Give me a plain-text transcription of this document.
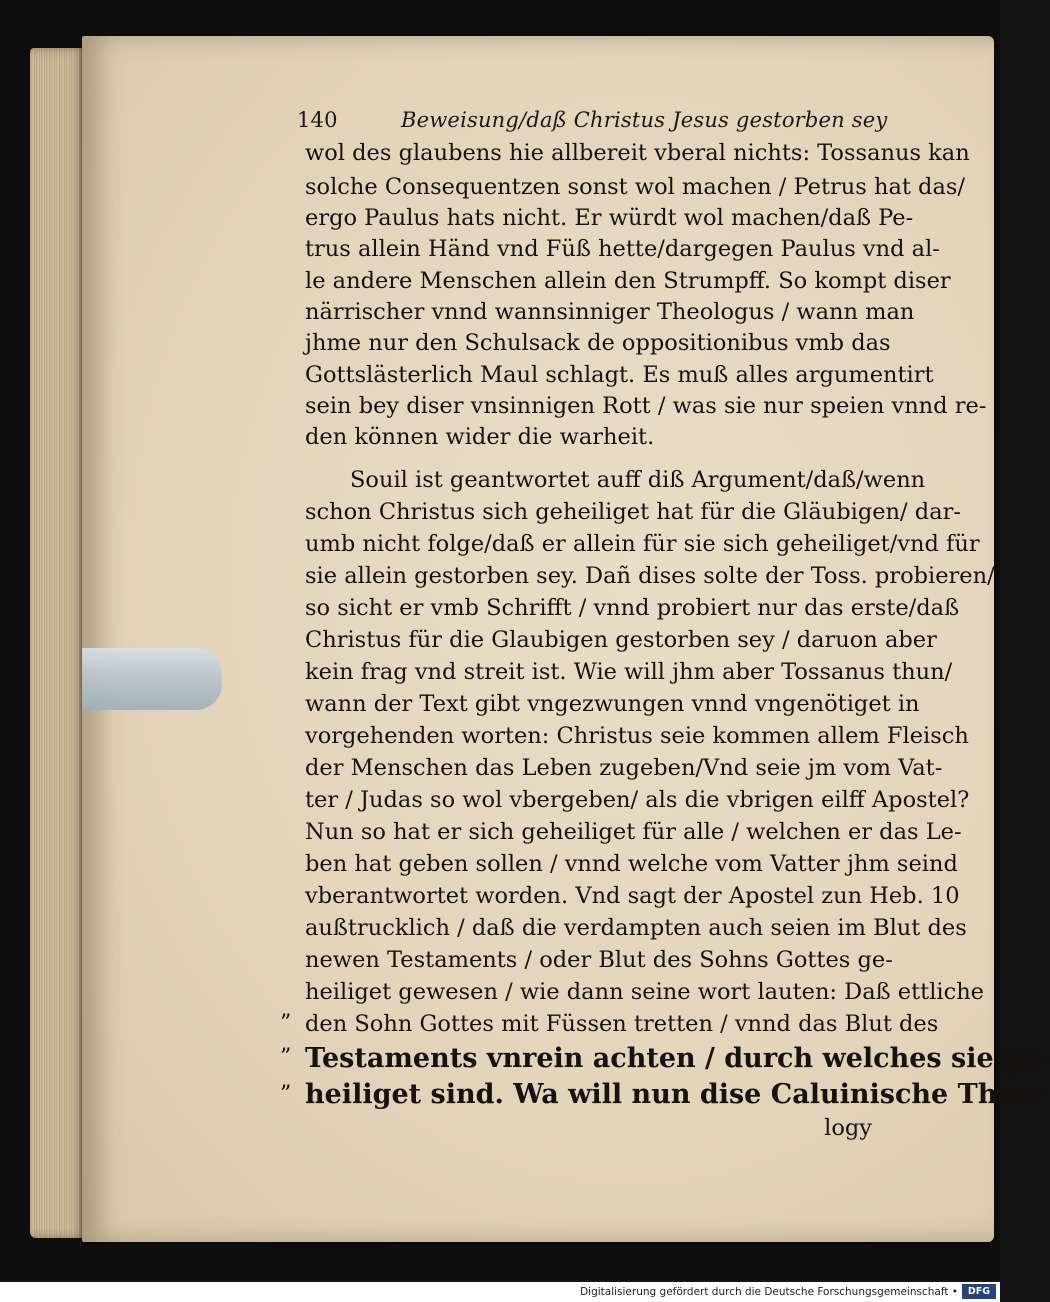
140	Beweisung/daß Christus Jesus gestorben sey
wol des glaubens hie allbereit vberal nichts: Tossanus kan
solche Consequentzen sonst wol machen / Petrus hat das/
ergo Paulus hats nicht. Er würdt wol machen/daß Pe-
trus allein Händ vnd Füß hette/dargegen Paulus vnd al-
le andere Menschen allein den Strumpff. So kompt diser
närrischer vnnd wannsinniger Theologus / wann man
jhme nur den Schulsack de oppositionibus vmb das
Gottslästerlich Maul schlagt. Es muß alles argumentirt
sein bey diser vnsinnigen Rott / was sie nur speien vnnd re-
den können wider die warheit.
Souil ist geantwortet auff diß Argument/daß/wenn
schon Christus sich geheiliget hat für die Gläubigen/ dar-
umb nicht folge/daß er allein für sie sich geheiliget/vnd für
sie allein gestorben sey. Dañ dises solte der Toss. probieren/
so sicht er vmb Schrifft / vnnd probiert nur das erste/daß
Christus für die Glaubigen gestorben sey / daruon aber
kein frag vnd streit ist. Wie will jhm aber Tossanus thun/
wann der Text gibt vngezwungen vnnd vngenötiget in
vorgehenden worten: Christus seie kommen allem Fleisch
der Menschen das Leben zugeben/Vnd seie jm vom Vat-
ter / Judas so wol vbergeben/ als die vbrigen eilff Apostel?
Nun so hat er sich geheiliget für alle / welchen er das Le-
ben hat geben sollen / vnnd welche vom Vatter jhm seind
vberantwortet worden. Vnd sagt der Apostel zun Heb. 10
außtrucklich / daß die verdampten auch seien im Blut des
newen Testaments / oder Blut des Sohns Gottes ge-
heiliget gewesen / wie dann seine wort lauten: Daß ettliche
den Sohn Gottes mit Füssen tretten / vnnd das Blut des
Testaments vnrein achten / durch welches sie ge-
heiliget sind. Wa will nun dise Caluinische Theo-
logy
”
”
”
Digitalisierung gefördert durch die Deutsche Forschungsgemeinschaft •	DFG
